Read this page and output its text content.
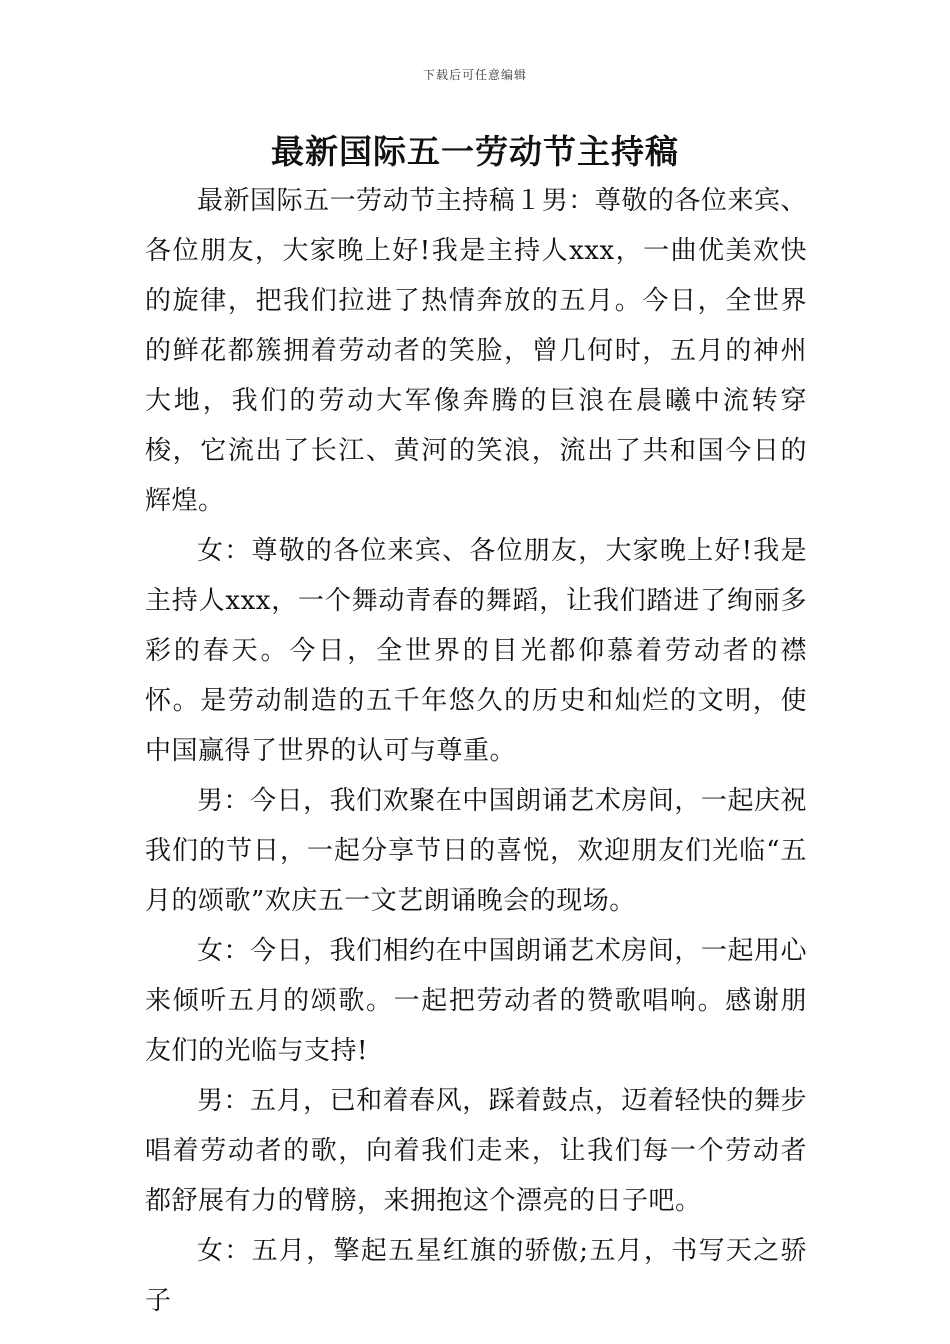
下载后可任意编辑
最新国际五一劳动节主持稿

最新国际五一劳动节主持稿１男：尊敬的各位来宾、各位朋友，大家晚上好!我是主持人xxx，一曲优美欢快的旋律，把我们拉进了热情奔放的五月。今日，全世界的鲜花都簇拥着劳动者的笑脸，曾几何时，五月的神州大地，我们的劳动大军像奔腾的巨浪在晨曦中流转穿梭，它流出了长江、黄河的笑浪，流出了共和国今日的辉煌。

女：尊敬的各位来宾、各位朋友，大家晚上好!我是主持人xxx，一个舞动青春的舞蹈，让我们踏进了绚丽多彩的春天。今日，全世界的目光都仰慕着劳动者的襟怀。是劳动制造的五千年悠久的历史和灿烂的文明，使中国赢得了世界的认可与尊重。

男：今日，我们欢聚在中国朗诵艺术房间，一起庆祝我们的节日，一起分享节日的喜悦，欢迎朋友们光临“五月的颂歌”欢庆五一文艺朗诵晚会的现场。

女：今日，我们相约在中国朗诵艺术房间，一起用心来倾听五月的颂歌。一起把劳动者的赞歌唱响。感谢朋友们的光临与支持!

男：五月，已和着春风，踩着鼓点，迈着轻快的舞步唱着劳动者的歌，向着我们走来，让我们每一个劳动者都舒展有力的臂膀，来拥抱这个漂亮的日子吧。

女：五月，擎起五星红旗的骄傲;五月，书写天之骄子
